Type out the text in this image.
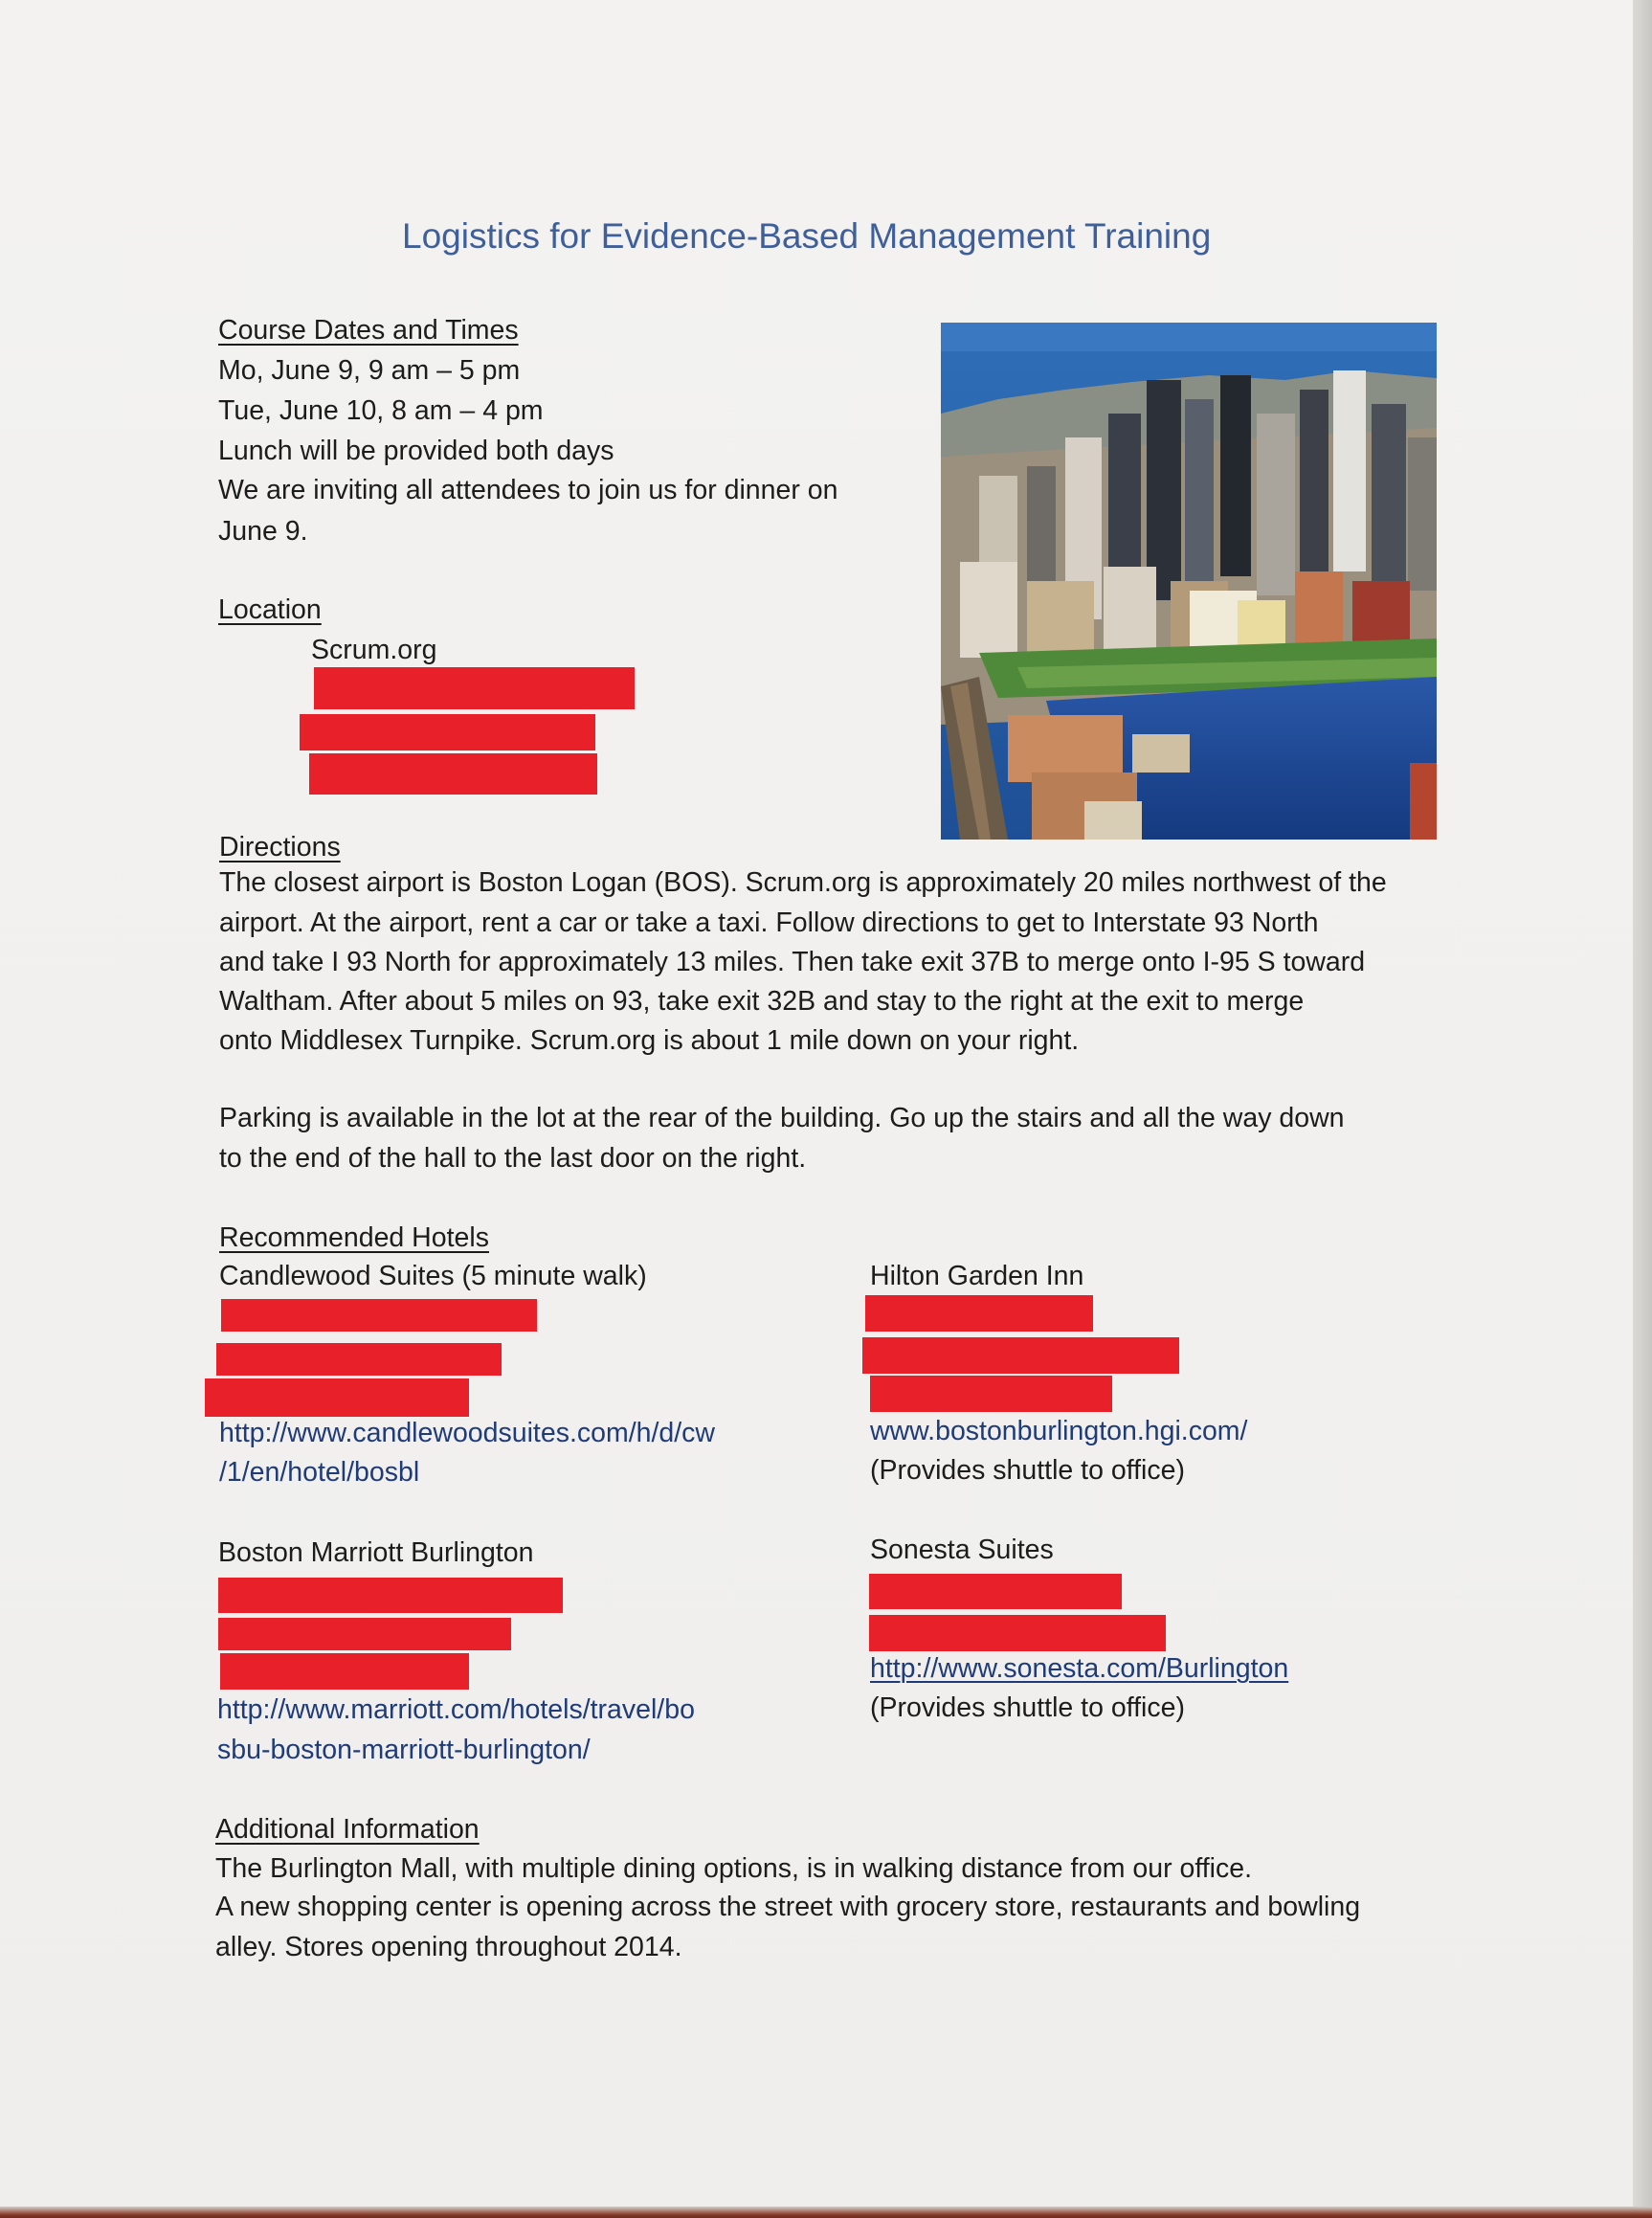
Logistics for Evidence-Based Management Training
Course Dates and Times
Mo, June 9, 9 am – 5 pm
Tue, June 10, 8 am – 4 pm
Lunch will be provided both days
We are inviting all attendees to join us for dinner on
June 9.
Location
Scrum.org
Directions
The closest airport is Boston Logan (BOS). Scrum.org is approximately 20 miles northwest of the
airport. At the airport, rent a car or take a taxi. Follow directions to get to Interstate 93 North
and take I 93 North for approximately 13 miles. Then take exit 37B to merge onto I-95 S toward
Waltham. After about 5 miles on 93, take exit 32B and stay to the right at the exit to merge
onto Middlesex Turnpike. Scrum.org is about 1 mile down on your right.
Parking is available in the lot at the rear of the building. Go up the stairs and all the way down
to the end of the hall to the last door on the right.
Recommended Hotels
Candlewood Suites (5 minute walk)
http://www.candlewoodsuites.com/h/d/cw
/1/en/hotel/bosbl
Hilton Garden Inn
www.bostonburlington.hgi.com/
(Provides shuttle to office)
Boston Marriott Burlington
http://www.marriott.com/hotels/travel/bo
sbu-boston-marriott-burlington/
Sonesta Suites
http://www.sonesta.com/Burlington
(Provides shuttle to office)
Additional Information
The Burlington Mall, with multiple dining options, is in walking distance from our office.
A new shopping center is opening across the street with grocery store, restaurants and bowling
alley. Stores opening throughout 2014.
